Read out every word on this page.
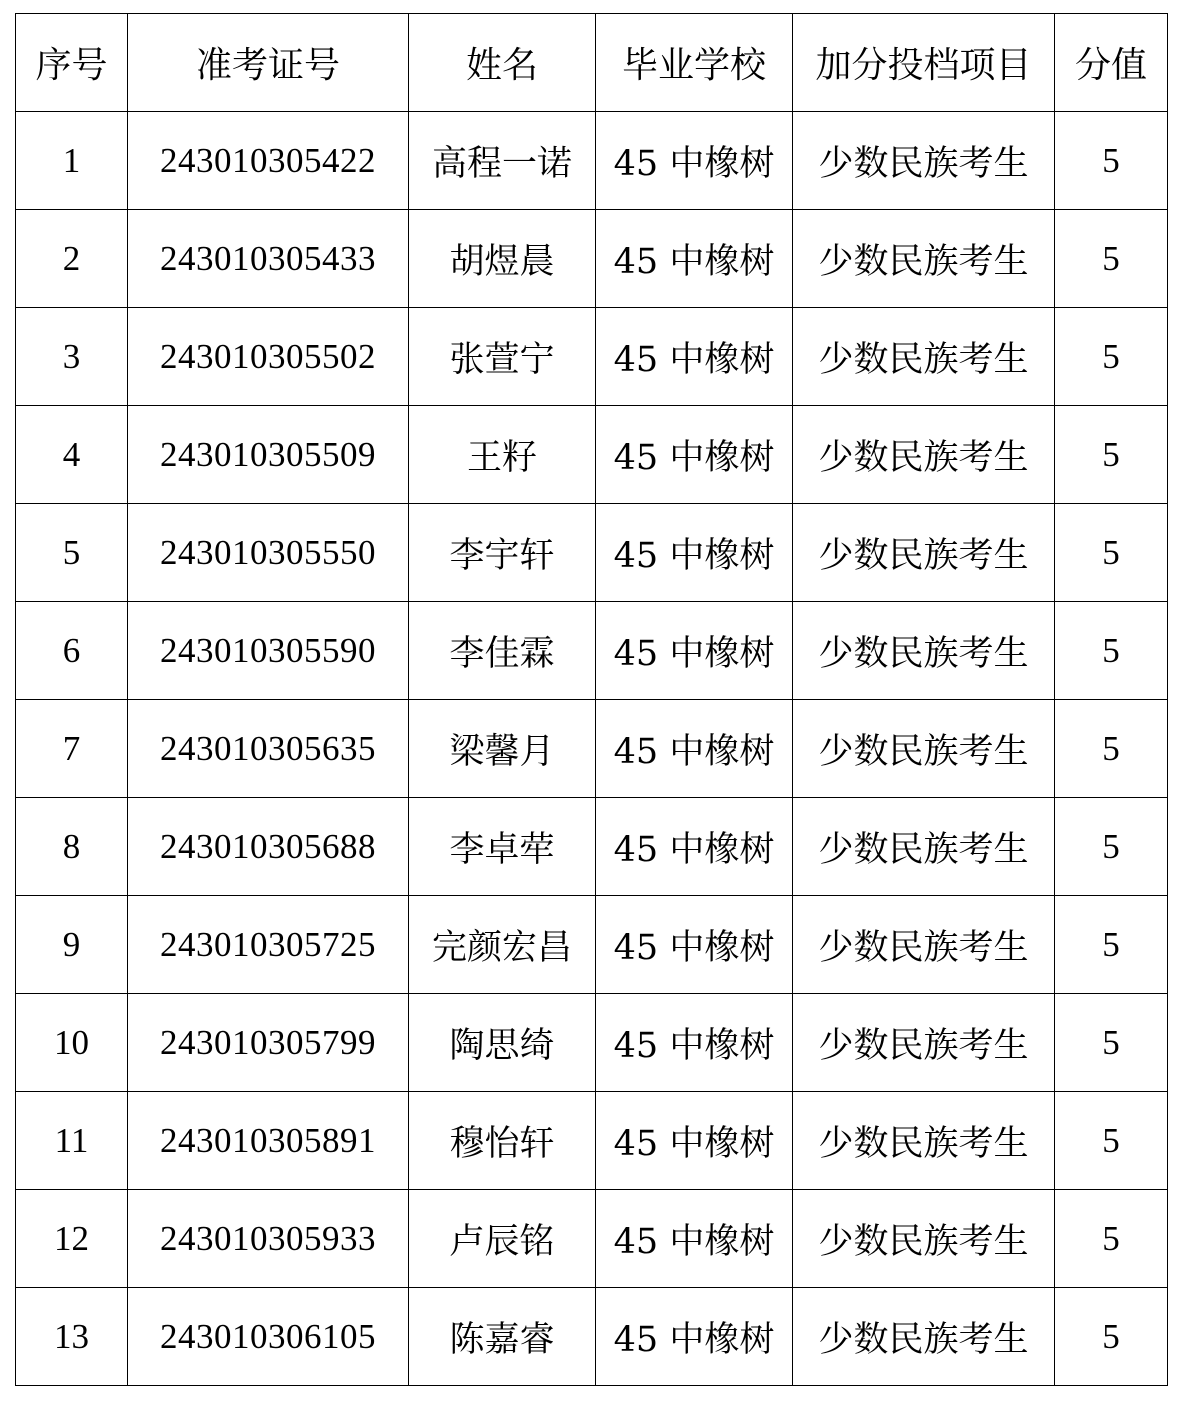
序号	准考证号	姓名	毕业学校	加分投档项目	分值
1	243010305422	高程一诺	45 中橡树	少数民族考生	5
2	243010305433	胡煜晨	45 中橡树	少数民族考生	5
3	243010305502	张萱宁	45 中橡树	少数民族考生	5
4	243010305509	王籽	45 中橡树	少数民族考生	5
5	243010305550	李宇轩	45 中橡树	少数民族考生	5
6	243010305590	李佳霖	45 中橡树	少数民族考生	5
7	243010305635	梁馨月	45 中橡树	少数民族考生	5
8	243010305688	李卓荦	45 中橡树	少数民族考生	5
9	243010305725	完颜宏昌	45 中橡树	少数民族考生	5
10	243010305799	陶思绮	45 中橡树	少数民族考生	5
11	243010305891	穆怡轩	45 中橡树	少数民族考生	5
12	243010305933	卢辰铭	45 中橡树	少数民族考生	5
13	243010306105	陈嘉睿	45 中橡树	少数民族考生	5
